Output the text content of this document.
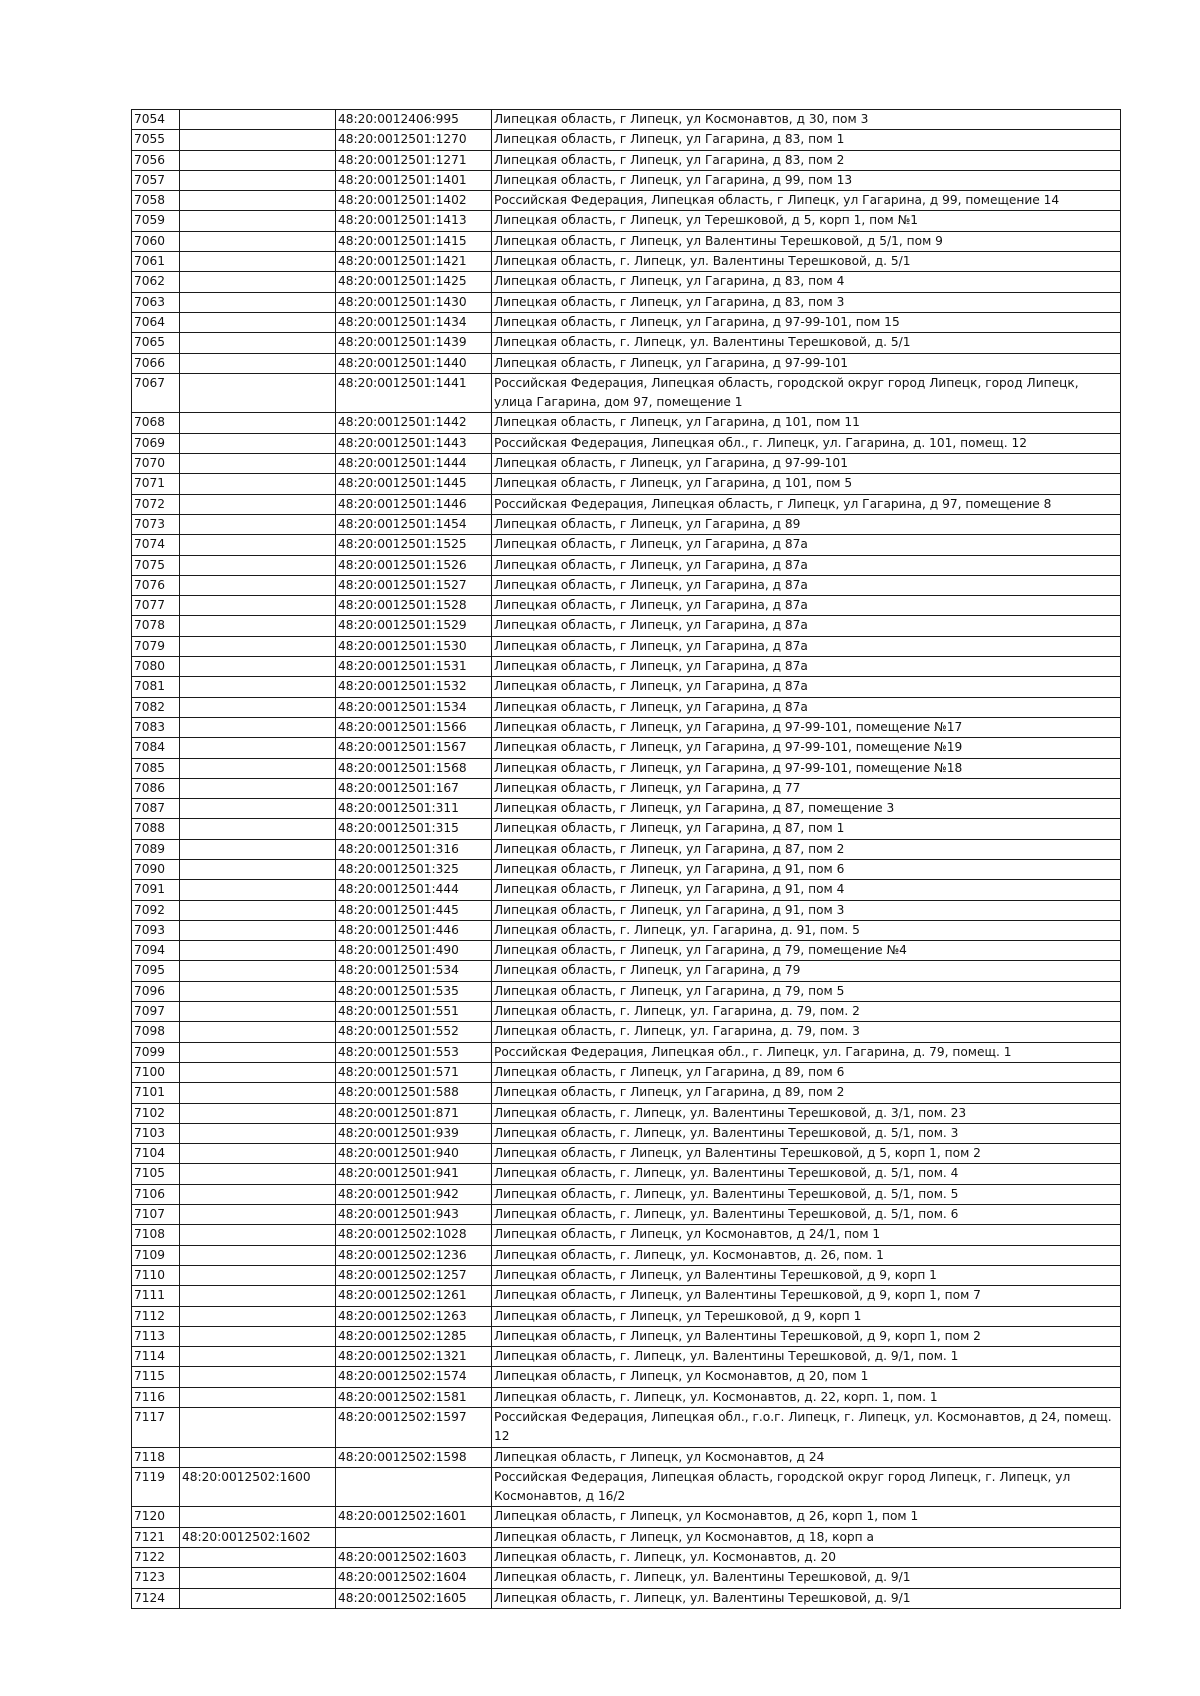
7054		48:20:0012406:995	Липецкая область, г Липецк, ул Космонавтов, д 30, пом 3
7055		48:20:0012501:1270	Липецкая область, г Липецк, ул Гагарина, д 83, пом 1
7056		48:20:0012501:1271	Липецкая область, г Липецк, ул Гагарина, д 83, пом 2
7057		48:20:0012501:1401	Липецкая область, г Липецк, ул Гагарина, д 99, пом 13
7058		48:20:0012501:1402	Российская Федерация, Липецкая область, г Липецк, ул Гагарина, д 99, помещение 14
7059		48:20:0012501:1413	Липецкая область, г Липецк, ул Терешковой, д 5, корп 1, пом №1
7060		48:20:0012501:1415	Липецкая область, г Липецк, ул Валентины Терешковой, д 5/1, пом 9
7061		48:20:0012501:1421	Липецкая область, г. Липецк, ул. Валентины Терешковой, д. 5/1
7062		48:20:0012501:1425	Липецкая область, г Липецк, ул Гагарина, д 83, пом 4
7063		48:20:0012501:1430	Липецкая область, г Липецк, ул Гагарина, д 83, пом 3
7064		48:20:0012501:1434	Липецкая область, г Липецк, ул Гагарина, д 97-99-101, пом 15
7065		48:20:0012501:1439	Липецкая область, г. Липецк, ул. Валентины Терешковой, д. 5/1
7066		48:20:0012501:1440	Липецкая область, г Липецк, ул Гагарина, д 97-99-101
7067		48:20:0012501:1441	Российская Федерация, Липецкая область, городской округ город Липецк, город Липецк, улица Гагарина, дом 97, помещение 1
7068		48:20:0012501:1442	Липецкая область, г Липецк, ул Гагарина, д 101, пом 11
7069		48:20:0012501:1443	Российская Федерация, Липецкая обл., г. Липецк, ул. Гагарина, д. 101, помещ. 12
7070		48:20:0012501:1444	Липецкая область, г Липецк, ул Гагарина, д 97-99-101
7071		48:20:0012501:1445	Липецкая область, г Липецк, ул Гагарина, д 101, пом 5
7072		48:20:0012501:1446	Российская Федерация, Липецкая область, г Липецк, ул Гагарина, д 97, помещение 8
7073		48:20:0012501:1454	Липецкая область, г Липецк, ул Гагарина, д 89
7074		48:20:0012501:1525	Липецкая область, г Липецк, ул Гагарина, д 87а
7075		48:20:0012501:1526	Липецкая область, г Липецк, ул Гагарина, д 87а
7076		48:20:0012501:1527	Липецкая область, г Липецк, ул Гагарина, д 87а
7077		48:20:0012501:1528	Липецкая область, г Липецк, ул Гагарина, д 87а
7078		48:20:0012501:1529	Липецкая область, г Липецк, ул Гагарина, д 87а
7079		48:20:0012501:1530	Липецкая область, г Липецк, ул Гагарина, д 87а
7080		48:20:0012501:1531	Липецкая область, г Липецк, ул Гагарина, д 87а
7081		48:20:0012501:1532	Липецкая область, г Липецк, ул Гагарина, д 87а
7082		48:20:0012501:1534	Липецкая область, г Липецк, ул Гагарина, д 87а
7083		48:20:0012501:1566	Липецкая область, г Липецк, ул Гагарина, д 97-99-101, помещение №17
7084		48:20:0012501:1567	Липецкая область, г Липецк, ул Гагарина, д 97-99-101, помещение №19
7085		48:20:0012501:1568	Липецкая область, г Липецк, ул Гагарина, д 97-99-101, помещение №18
7086		48:20:0012501:167	Липецкая область, г Липецк, ул Гагарина, д 77
7087		48:20:0012501:311	Липецкая область, г Липецк, ул Гагарина, д 87, помещение 3
7088		48:20:0012501:315	Липецкая область, г Липецк, ул Гагарина, д 87, пом 1
7089		48:20:0012501:316	Липецкая область, г Липецк, ул Гагарина, д 87, пом 2
7090		48:20:0012501:325	Липецкая область, г Липецк, ул Гагарина, д 91, пом 6
7091		48:20:0012501:444	Липецкая область, г Липецк, ул Гагарина, д 91, пом 4
7092		48:20:0012501:445	Липецкая область, г Липецк, ул Гагарина, д 91, пом 3
7093		48:20:0012501:446	Липецкая область, г. Липецк, ул. Гагарина, д. 91, пом. 5
7094		48:20:0012501:490	Липецкая область, г Липецк, ул Гагарина, д 79, помещение №4
7095		48:20:0012501:534	Липецкая область, г Липецк, ул Гагарина, д 79
7096		48:20:0012501:535	Липецкая область, г Липецк, ул Гагарина, д 79, пом 5
7097		48:20:0012501:551	Липецкая область, г. Липецк, ул. Гагарина, д. 79, пом. 2
7098		48:20:0012501:552	Липецкая область, г. Липецк, ул. Гагарина, д. 79, пом. 3
7099		48:20:0012501:553	Российская Федерация, Липецкая обл., г. Липецк, ул. Гагарина, д. 79, помещ. 1
7100		48:20:0012501:571	Липецкая область, г Липецк, ул Гагарина, д 89, пом 6
7101		48:20:0012501:588	Липецкая область, г Липецк, ул Гагарина, д 89, пом 2
7102		48:20:0012501:871	Липецкая область, г. Липецк, ул. Валентины Терешковой, д. 3/1, пом. 23
7103		48:20:0012501:939	Липецкая область, г. Липецк, ул. Валентины Терешковой, д. 5/1, пом. 3
7104		48:20:0012501:940	Липецкая область, г Липецк, ул Валентины Терешковой, д 5, корп 1, пом 2
7105		48:20:0012501:941	Липецкая область, г. Липецк, ул. Валентины Терешковой, д. 5/1, пом. 4
7106		48:20:0012501:942	Липецкая область, г. Липецк, ул. Валентины Терешковой, д. 5/1, пом. 5
7107		48:20:0012501:943	Липецкая область, г. Липецк, ул. Валентины Терешковой, д. 5/1, пом. 6
7108		48:20:0012502:1028	Липецкая область, г Липецк, ул Космонавтов, д 24/1, пом 1
7109		48:20:0012502:1236	Липецкая область, г. Липецк, ул. Космонавтов, д. 26, пом. 1
7110		48:20:0012502:1257	Липецкая область, г Липецк, ул Валентины Терешковой, д 9, корп 1
7111		48:20:0012502:1261	Липецкая область, г Липецк, ул Валентины Терешковой, д 9, корп 1, пом 7
7112		48:20:0012502:1263	Липецкая область, г Липецк, ул Терешковой, д 9, корп 1
7113		48:20:0012502:1285	Липецкая область, г Липецк, ул Валентины Терешковой, д 9, корп 1, пом 2
7114		48:20:0012502:1321	Липецкая область, г. Липецк, ул. Валентины Терешковой, д. 9/1, пом. 1
7115		48:20:0012502:1574	Липецкая область, г Липецк, ул Космонавтов, д 20, пом 1
7116		48:20:0012502:1581	Липецкая область, г. Липецк, ул. Космонавтов, д. 22, корп. 1, пом. 1
7117		48:20:0012502:1597	Российская Федерация, Липецкая обл., г.о.г. Липецк, г. Липецк, ул. Космонавтов, д 24, помещ. 12
7118		48:20:0012502:1598	Липецкая область, г Липецк, ул Космонавтов, д 24
7119	48:20:0012502:1600		Российская Федерация, Липецкая область, городской округ город Липецк, г. Липецк, ул Космонавтов, д 16/2
7120		48:20:0012502:1601	Липецкая область, г Липецк, ул Космонавтов, д 26, корп 1, пом 1
7121	48:20:0012502:1602		Липецкая область, г Липецк, ул Космонавтов, д 18, корп а
7122		48:20:0012502:1603	Липецкая область, г. Липецк, ул. Космонавтов, д. 20
7123		48:20:0012502:1604	Липецкая область, г. Липецк, ул. Валентины Терешковой, д. 9/1
7124		48:20:0012502:1605	Липецкая область, г. Липецк, ул. Валентины Терешковой, д. 9/1
